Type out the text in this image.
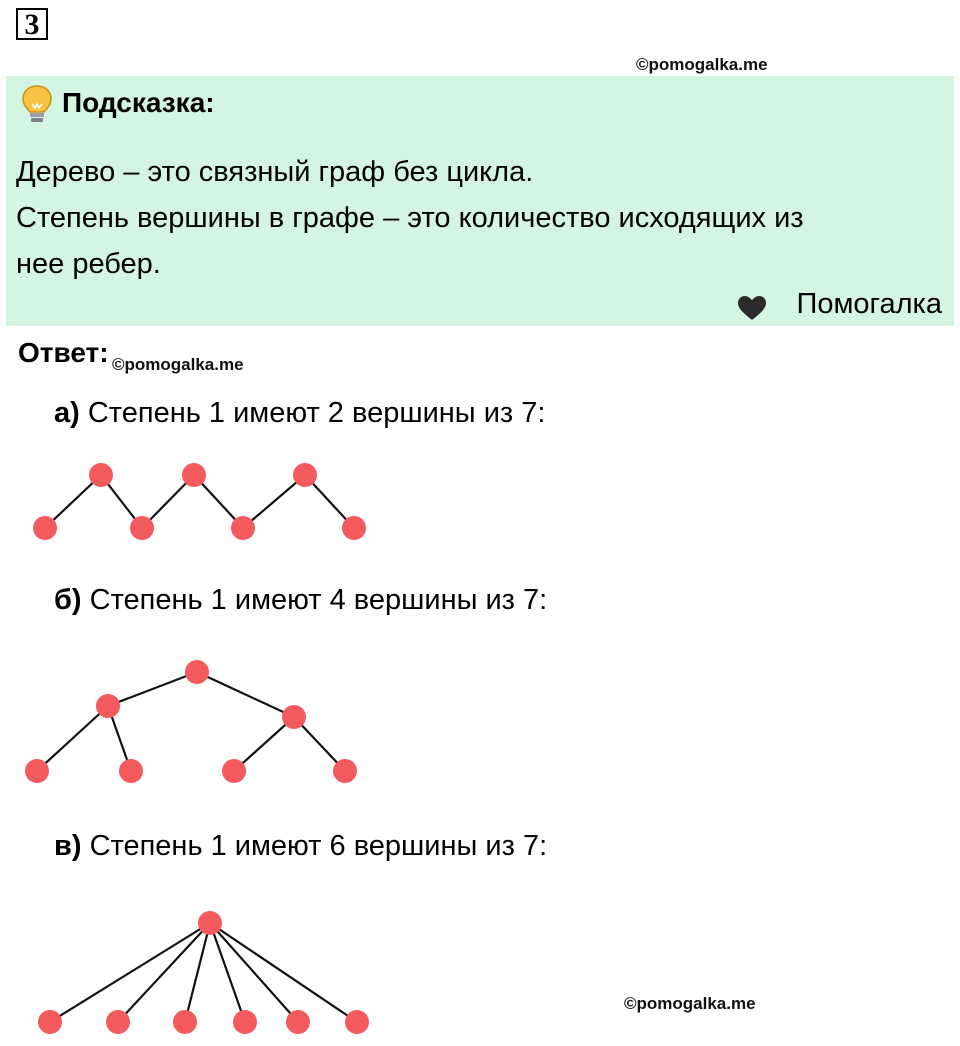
3
©pomogalka.me
Подсказка:
Дерево – это связный граф без цикла.
Степень вершины в графе – это количество исходящих из
нее ребер.
Помогалка
Ответ: ©pomogalka.me
а) Степень 1 имеют 2 вершины из 7:
б) Степень 1 имеют 4 вершины из 7:
в) Степень 1 имеют 6 вершины из 7:
©pomogalka.me
